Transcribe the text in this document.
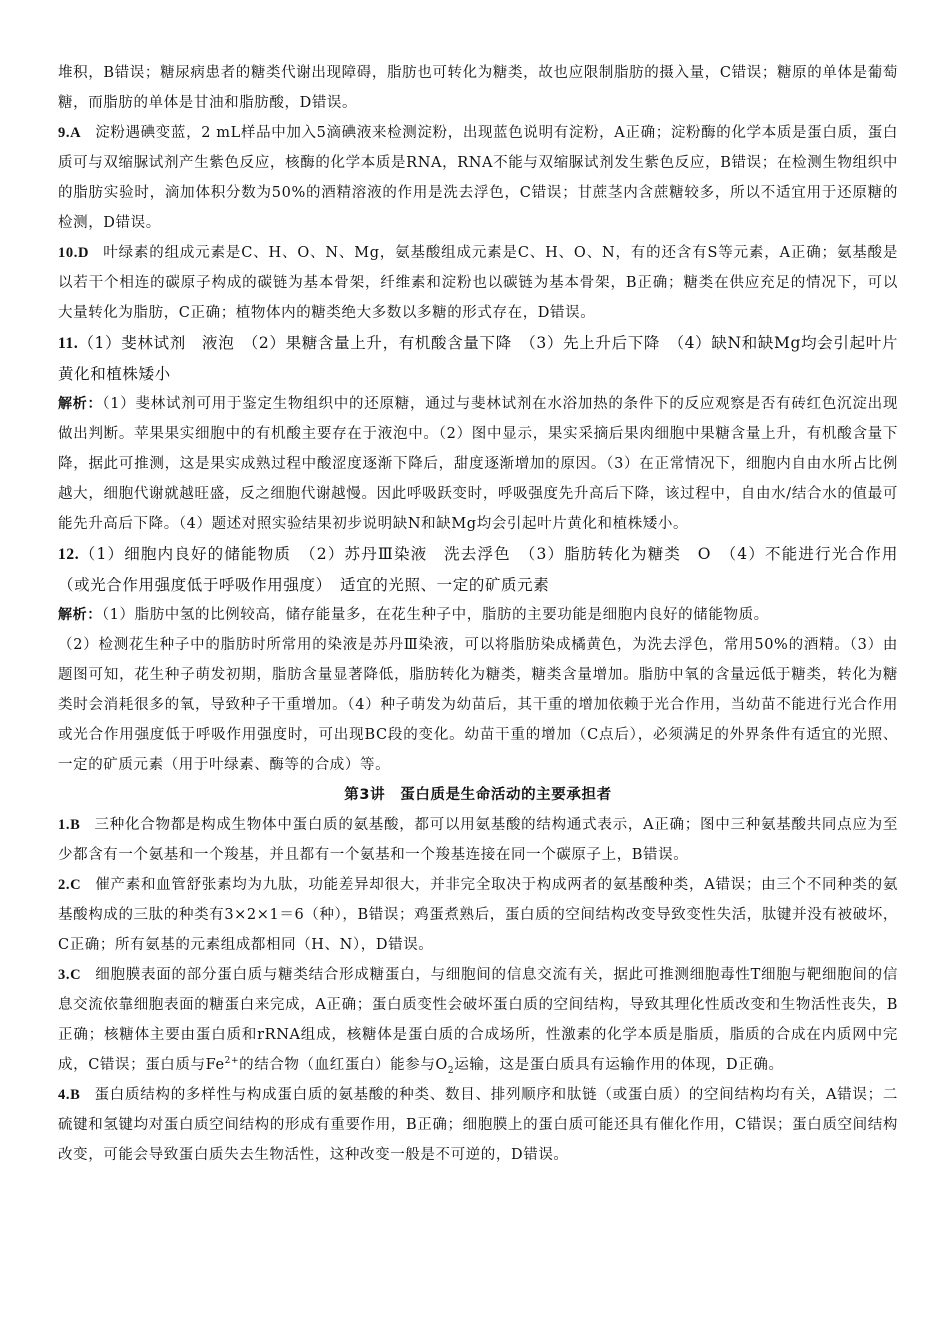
堆积，B错误；糖尿病患者的糖类代谢出现障碍，脂肪也可转化为糖类，故也应限制脂肪的摄入量，C错误；糖原的单体是葡萄糖，而脂肪的单体是甘油和脂肪酸，D错误。

9.A 淀粉遇碘变蓝，2 mL样品中加入5滴碘液来检测淀粉，出现蓝色说明有淀粉，A正确；淀粉酶的化学本质是蛋白质，蛋白质可与双缩脲试剂产生紫色反应，核酶的化学本质是RNA，RNA不能与双缩脲试剂发生紫色反应，B错误；在检测生物组织中的脂肪实验时，滴加体积分数为50%的酒精溶液的作用是洗去浮色，C错误；甘蔗茎内含蔗糖较多，所以不适宜用于还原糖的检测，D错误。

10.D 叶绿素的组成元素是C、H、O、N、Mg，氨基酸组成元素是C、H、O、N，有的还含有S等元素，A正确；氨基酸是以若干个相连的碳原子构成的碳链为基本骨架，纤维素和淀粉也以碳链为基本骨架，B正确；糖类在供应充足的情况下，可以大量转化为脂肪，C正确；植物体内的糖类绝大多数以多糖的形式存在，D错误。

11.（1）斐林试剂　液泡　（2）果糖含量上升，有机酸含量下降　（3）先上升后下降　（4）缺N和缺Mg均会引起叶片黄化和植株矮小

解析：（1）斐林试剂可用于鉴定生物组织中的还原糖，通过与斐林试剂在水浴加热的条件下的反应观察是否有砖红色沉淀出现做出判断。苹果果实细胞中的有机酸主要存在于液泡中。（2）图中显示，果实采摘后果肉细胞中果糖含量上升，有机酸含量下降，据此可推测，这是果实成熟过程中酸涩度逐渐下降后，甜度逐渐增加的原因。（3）在正常情况下，细胞内自由水所占比例越大，细胞代谢就越旺盛，反之细胞代谢越慢。因此呼吸跃变时，呼吸强度先升高后下降，该过程中，自由水/结合水的值最可能先升高后下降。（4）题述对照实验结果初步说明缺N和缺Mg均会引起叶片黄化和植株矮小。

12.（1）细胞内良好的储能物质　（2）苏丹Ⅲ染液　洗去浮色　（3）脂肪转化为糖类　O　（4）不能进行光合作用（或光合作用强度低于呼吸作用强度）　适宜的光照、一定的矿质元素

解析：（1）脂肪中氢的比例较高，储存能量多，在花生种子中，脂肪的主要功能是细胞内良好的储能物质。

（2）检测花生种子中的脂肪时所常用的染液是苏丹Ⅲ染液，可以将脂肪染成橘黄色，为洗去浮色，常用50%的酒精。（3）由题图可知，花生种子萌发初期，脂肪含量显著降低，脂肪转化为糖类，糖类含量增加。脂肪中氧的含量远低于糖类，转化为糖类时会消耗很多的氧，导致种子干重增加。（4）种子萌发为幼苗后，其干重的增加依赖于光合作用，当幼苗不能进行光合作用或光合作用强度低于呼吸作用强度时，可出现BC段的变化。幼苗干重的增加（C点后），必须满足的外界条件有适宜的光照、一定的矿质元素（用于叶绿素、酶等的合成）等。

第3讲　蛋白质是生命活动的主要承担者

1.B 三种化合物都是构成生物体中蛋白质的氨基酸，都可以用氨基酸的结构通式表示，A正确；图中三种氨基酸共同点应为至少都含有一个氨基和一个羧基，并且都有一个氨基和一个羧基连接在同一个碳原子上，B错误。

2.C 催产素和血管舒张素均为九肽，功能差异却很大，并非完全取决于构成两者的氨基酸种类，A错误；由三个不同种类的氨基酸构成的三肽的种类有3×2×1＝6（种），B错误；鸡蛋煮熟后，蛋白质的空间结构改变导致变性失活，肽键并没有被破坏，C正确；所有氨基的元素组成都相同（H、N），D错误。

3.C 细胞膜表面的部分蛋白质与糖类结合形成糖蛋白，与细胞间的信息交流有关，据此可推测细胞毒性T细胞与靶细胞间的信息交流依靠细胞表面的糖蛋白来完成，A正确；蛋白质变性会破坏蛋白质的空间结构，导致其理化性质改变和生物活性丧失，B正确；核糖体主要由蛋白质和rRNA组成，核糖体是蛋白质的合成场所，性激素的化学本质是脂质，脂质的合成在内质网中完成，C错误；蛋白质与$Fe^{2+}$的结合物（血红蛋白）能参与$O_2$运输，这是蛋白质具有运输作用的体现，D正确。

4.B 蛋白质结构的多样性与构成蛋白质的氨基酸的种类、数目、排列顺序和肽链（或蛋白质）的空间结构均有关，A错误；二硫键和氢键均对蛋白质空间结构的形成有重要作用，B正确；细胞膜上的蛋白质可能还具有催化作用，C错误；蛋白质空间结构改变，可能会导致蛋白质失去生物活性，这种改变一般是不可逆的，D错误。
